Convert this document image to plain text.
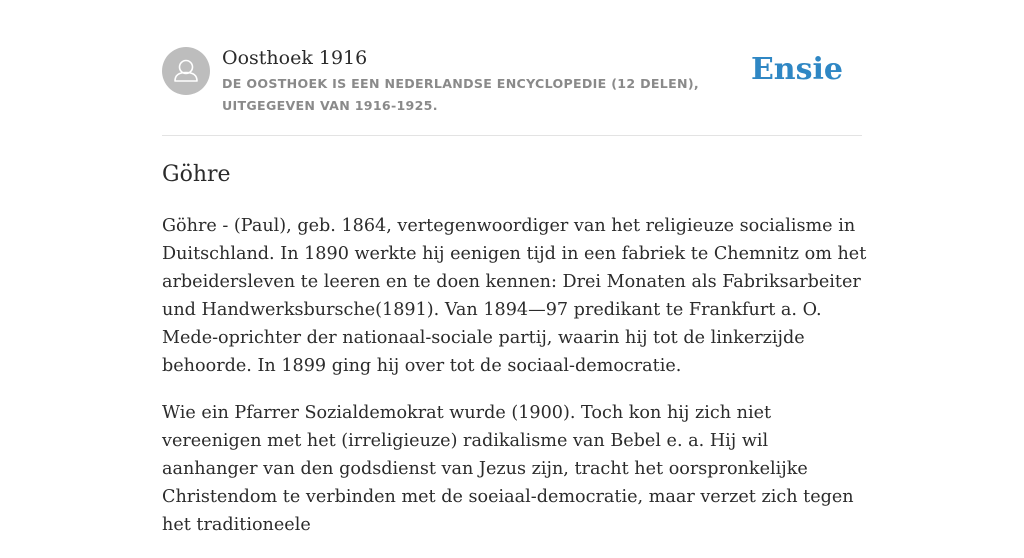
Oosthoek 1916
DE OOSTHOEK IS EEN NEDERLANDSE ENCYCLOPEDIE (12 DELEN), UITGEGEVEN VAN 1916-1925.
Ensie
Göhre

Göhre - (Paul), geb. 1864, vertegenwoordiger van het religieuze socialisme in Duitschland. In 1890 werkte hij eenigen tijd in een fabriek te Chemnitz om het arbeidersleven te leeren en te doen kennen: Drei Monaten als Fabriksarbeiter und Handwerksbursche(1891). Van 1894—97 predikant te Frankfurt a. O. Mede-oprichter der nationaal-sociale partij, waarin hij tot de linkerzijde behoorde. In 1899 ging hij over tot de sociaal-democratie.

Wie ein Pfarrer Sozialdemokrat wurde (1900). Toch kon hij zich niet vereenigen met het (irreligieuze) radikalisme van Bebel e. a. Hij wil aanhanger van den godsdienst van Jezus zijn, tracht het oorspronkelijke Christendom te verbinden met de soeiaal-democratie, maar verzet zich tegen het traditioneele
